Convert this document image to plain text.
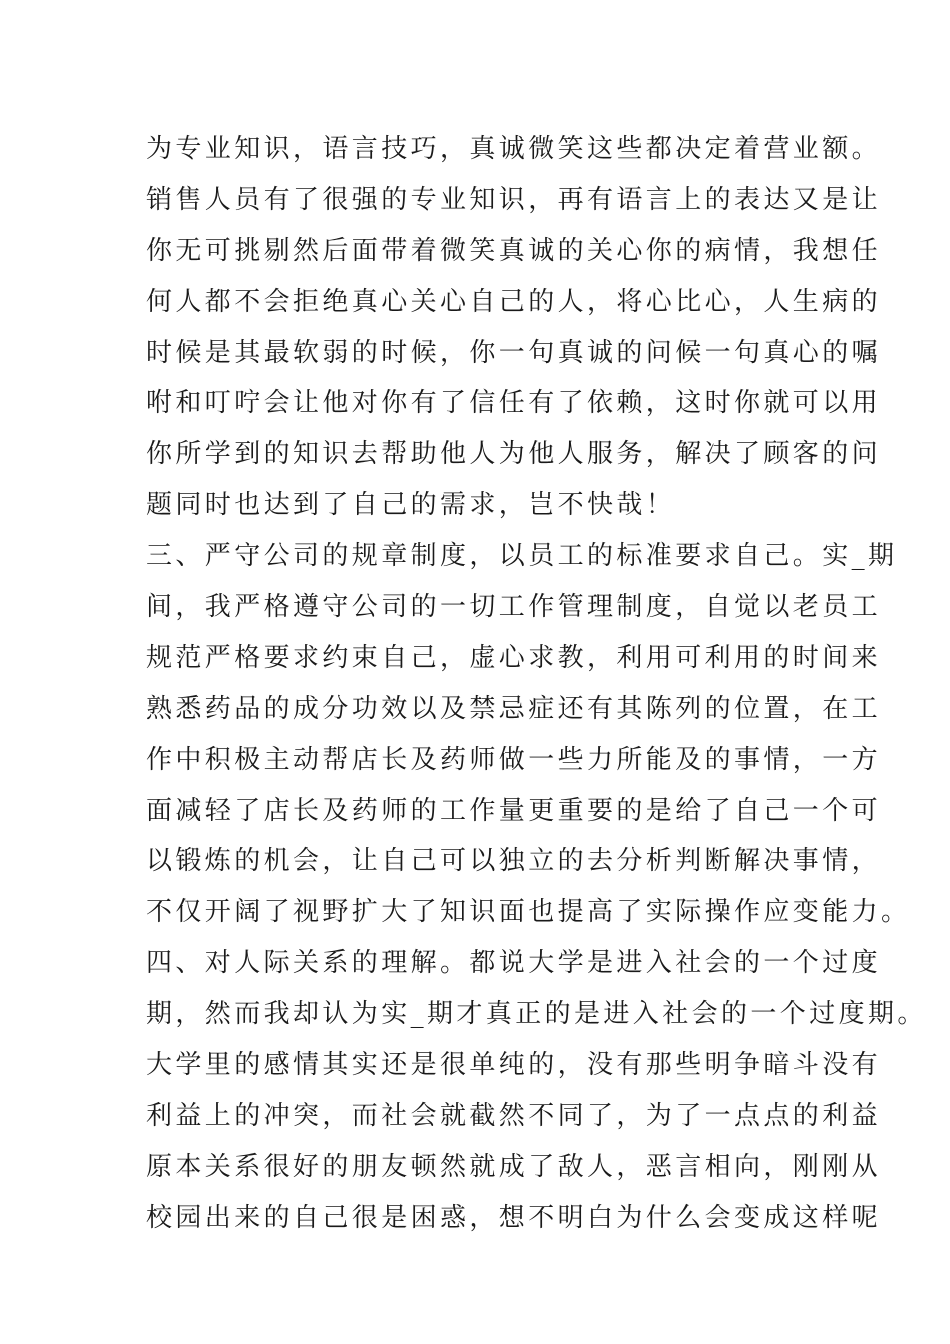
为专业知识，语言技巧，真诚微笑这些都决定着营业额。
销售人员有了很强的专业知识，再有语言上的表达又是让
你无可挑剔然后面带着微笑真诚的关心你的病情，我想任
何人都不会拒绝真心关心自己的人，将心比心，人生病的
时候是其最软弱的时候，你一句真诚的问候一句真心的嘱
咐和叮咛会让他对你有了信任有了依赖，这时你就可以用
你所学到的知识去帮助他人为他人服务，解决了顾客的问
题同时也达到了自己的需求，岂不快哉！
三、严守公司的规章制度，以员工的标准要求自己。实_期
间，我严格遵守公司的一切工作管理制度，自觉以老员工
规范严格要求约束自己，虚心求教，利用可利用的时间来
熟悉药品的成分功效以及禁忌症还有其陈列的位置，在工
作中积极主动帮店长及药师做一些力所能及的事情，一方
面减轻了店长及药师的工作量更重要的是给了自己一个可
以锻炼的机会，让自己可以独立的去分析判断解决事情，
不仅开阔了视野扩大了知识面也提高了实际操作应变能力。
四、对人际关系的理解。都说大学是进入社会的一个过度
期，然而我却认为实_期才真正的是进入社会的一个过度期。
大学里的感情其实还是很单纯的，没有那些明争暗斗没有
利益上的冲突，而社会就截然不同了，为了一点点的利益
原本关系很好的朋友顿然就成了敌人，恶言相向，刚刚从
校园出来的自己很是困惑，想不明白为什么会变成这样呢
